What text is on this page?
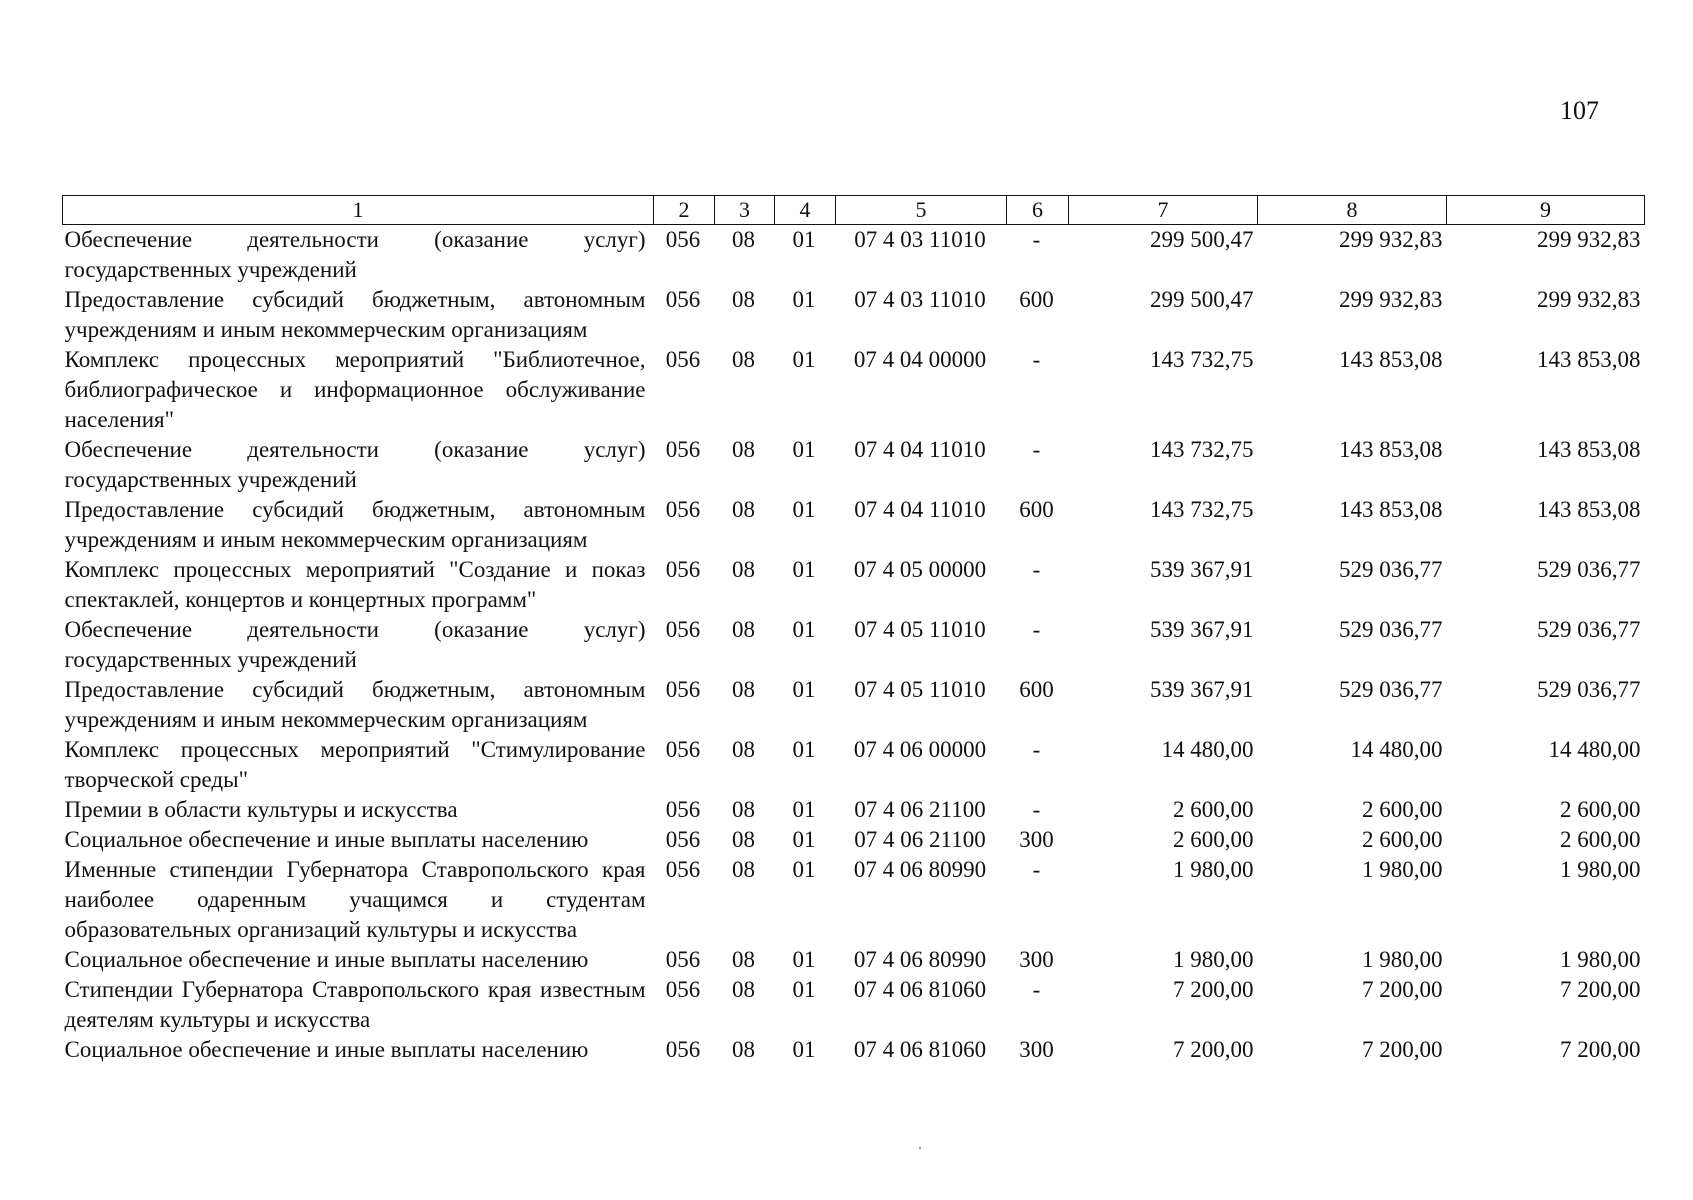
107
1	2	3	4	5	6	7	8	9
Обеспечение деятельности (оказание услуг) государственных учреждений	056	08	01	07 4 03 11010	-	299 500,47	299 932,83	299 932,83
Предоставление субсидий бюджетным, автономным учреждениям и иным некоммерческим организациям	056	08	01	07 4 03 11010	600	299 500,47	299 932,83	299 932,83
Комплекс процессных мероприятий "Библиотечное, библиографическое и информационное обслуживание населения"	056	08	01	07 4 04 00000	-	143 732,75	143 853,08	143 853,08
Обеспечение деятельности (оказание услуг) государственных учреждений	056	08	01	07 4 04 11010	-	143 732,75	143 853,08	143 853,08
Предоставление субсидий бюджетным, автономным учреждениям и иным некоммерческим организациям	056	08	01	07 4 04 11010	600	143 732,75	143 853,08	143 853,08
Комплекс процессных мероприятий "Создание и показ спектаклей, концертов и концертных программ"	056	08	01	07 4 05 00000	-	539 367,91	529 036,77	529 036,77
Обеспечение деятельности (оказание услуг) государственных учреждений	056	08	01	07 4 05 11010	-	539 367,91	529 036,77	529 036,77
Предоставление субсидий бюджетным, автономным учреждениям и иным некоммерческим организациям	056	08	01	07 4 05 11010	600	539 367,91	529 036,77	529 036,77
Комплекс процессных мероприятий "Стимулирование творческой среды"	056	08	01	07 4 06 00000	-	14 480,00	14 480,00	14 480,00
Премии в области культуры и искусства	056	08	01	07 4 06 21100	-	2 600,00	2 600,00	2 600,00
Социальное обеспечение и иные выплаты населению	056	08	01	07 4 06 21100	300	2 600,00	2 600,00	2 600,00
Именные стипендии Губернатора Ставропольского края наиболее одаренным учащимся и студентам образовательных организаций культуры и искусства	056	08	01	07 4 06 80990	-	1 980,00	1 980,00	1 980,00
Социальное обеспечение и иные выплаты населению	056	08	01	07 4 06 80990	300	1 980,00	1 980,00	1 980,00
Стипендии Губернатора Ставропольского края известным деятелям культуры и искусства	056	08	01	07 4 06 81060	-	7 200,00	7 200,00	7 200,00
Социальное обеспечение и иные выплаты населению	056	08	01	07 4 06 81060	300	7 200,00	7 200,00	7 200,00
